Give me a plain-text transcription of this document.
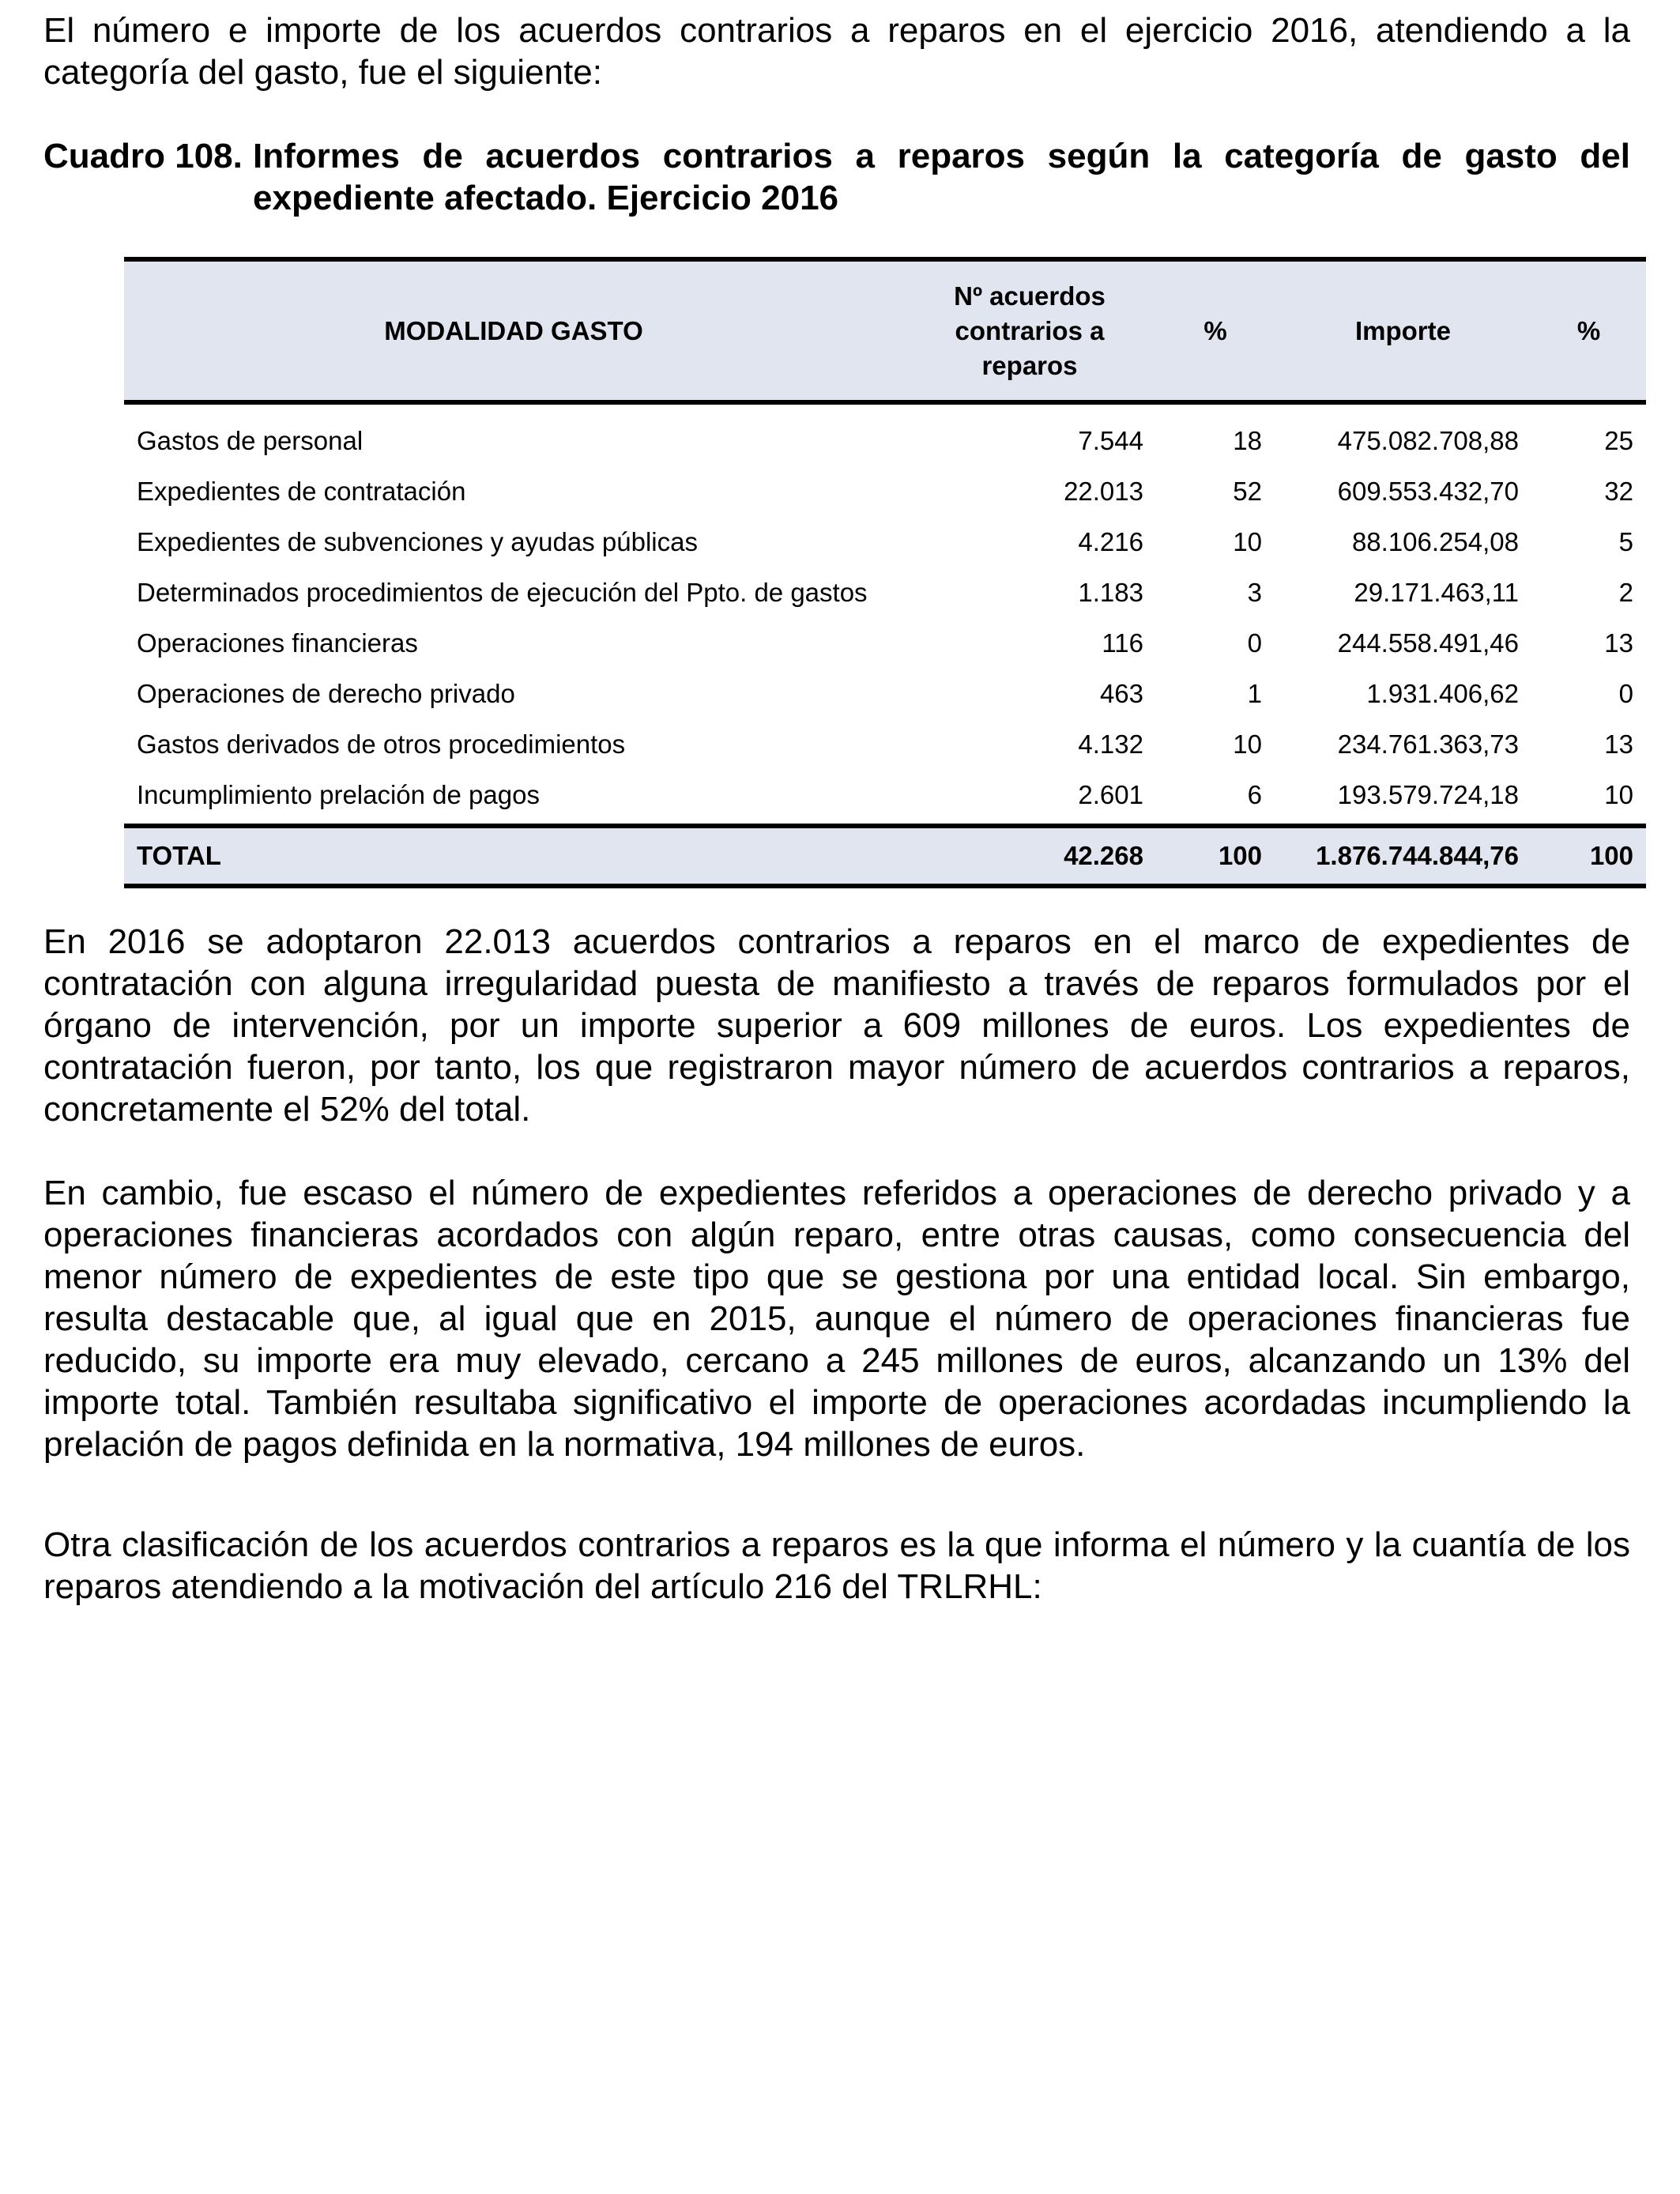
El número e importe de los acuerdos contrarios a reparos en el ejercicio 2016, atendiendo a la categoría del gasto, fue el siguiente:

Cuadro 108. Informes de acuerdos contrarios a reparos según la categoría de gasto del expediente afectado. Ejercicio 2016
MODALIDAD GASTO	Nº acuerdos
contrarios a
reparos	%	Importe	%
Gastos de personal	7.544	18	475.082.708,88	25
Expedientes de contratación	22.013	52	609.553.432,70	32
Expedientes de subvenciones y ayudas públicas	4.216	10	88.106.254,08	5
Determinados procedimientos de ejecución del Ppto. de gastos	1.183	3	29.171.463,11	2
Operaciones financieras	116	0	244.558.491,46	13
Operaciones de derecho privado	463	1	1.931.406,62	0
Gastos derivados de otros procedimientos	4.132	10	234.761.363,73	13
Incumplimiento prelación de pagos	2.601	6	193.579.724,18	10
TOTAL	42.268	100	1.876.744.844,76	100

En 2016 se adoptaron 22.013 acuerdos contrarios a reparos en el marco de expedientes de contratación con alguna irregularidad puesta de manifiesto a través de reparos formulados por el órgano de intervención, por un importe superior a 609 millones de euros. Los expedientes de contratación fueron, por tanto, los que registraron mayor número de acuerdos contrarios a reparos, concretamente el 52% del total.

En cambio, fue escaso el número de expedientes referidos a operaciones de derecho privado y a operaciones financieras acordados con algún reparo, entre otras causas, como consecuencia del menor número de expedientes de este tipo que se gestiona por una entidad local. Sin embargo, resulta destacable que, al igual que en 2015, aunque el número de operaciones financieras fue reducido, su importe era muy elevado, cercano a 245 millones de euros, alcanzando un 13% del importe total. También resultaba significativo el importe de operaciones acordadas incumpliendo la prelación de pagos definida en la normativa, 194 millones de euros.

Otra clasificación de los acuerdos contrarios a reparos es la que informa el número y la cuantía de los reparos atendiendo a la motivación del artículo 216 del TRLRHL:
